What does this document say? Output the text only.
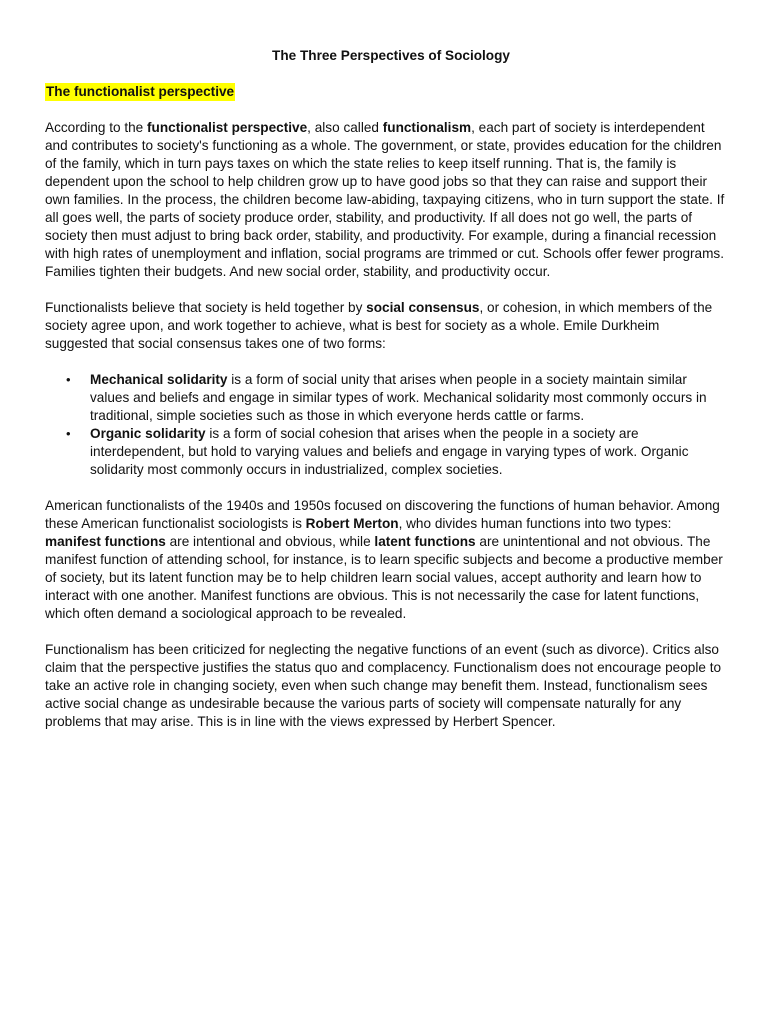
The Three Perspectives of Sociology
The functionalist perspective

According to the functionalist perspective, also called functionalism, each part of society is interdependent and contributes to society's functioning as a whole. The government, or state, provides education for the children of the family, which in turn pays taxes on which the state relies to keep itself running. That is, the family is dependent upon the school to help children grow up to have good jobs so that they can raise and support their own families. In the process, the children become law-abiding, taxpaying citizens, who in turn support the state. If all goes well, the parts of society produce order, stability, and productivity. If all does not go well, the parts of society then must adjust to bring back order, stability, and productivity. For example, during a financial recession with high rates of unemployment and inflation, social programs are trimmed or cut. Schools offer fewer programs. Families tighten their budgets. And new social order, stability, and productivity occur.

Functionalists believe that society is held together by social consensus, or cohesion, in which members of the society agree upon, and work together to achieve, what is best for society as a whole. Emile Durkheim suggested that social consensus takes one of two forms:

• Mechanical solidarity is a form of social unity that arises when people in a society maintain similar values and beliefs and engage in similar types of work. Mechanical solidarity most commonly occurs in traditional, simple societies such as those in which everyone herds cattle or farms.
• Organic solidarity is a form of social cohesion that arises when the people in a society are interdependent, but hold to varying values and beliefs and engage in varying types of work. Organic solidarity most commonly occurs in industrialized, complex societies.

American functionalists of the 1940s and 1950s focused on discovering the functions of human behavior. Among these American functionalist sociologists is Robert Merton, who divides human functions into two types: manifest functions are intentional and obvious, while latent functions are unintentional and not obvious. The manifest function of attending school, for instance, is to learn specific subjects and become a productive member of society, but its latent function may be to help children learn social values, accept authority and learn how to interact with one another. Manifest functions are obvious. This is not necessarily the case for latent functions, which often demand a sociological approach to be revealed.

Functionalism has been criticized for neglecting the negative functions of an event (such as divorce). Critics also claim that the perspective justifies the status quo and complacency. Functionalism does not encourage people to take an active role in changing society, even when such change may benefit them. Instead, functionalism sees active social change as undesirable because the various parts of society will compensate naturally for any problems that may arise. This is in line with the views expressed by Herbert Spencer.
